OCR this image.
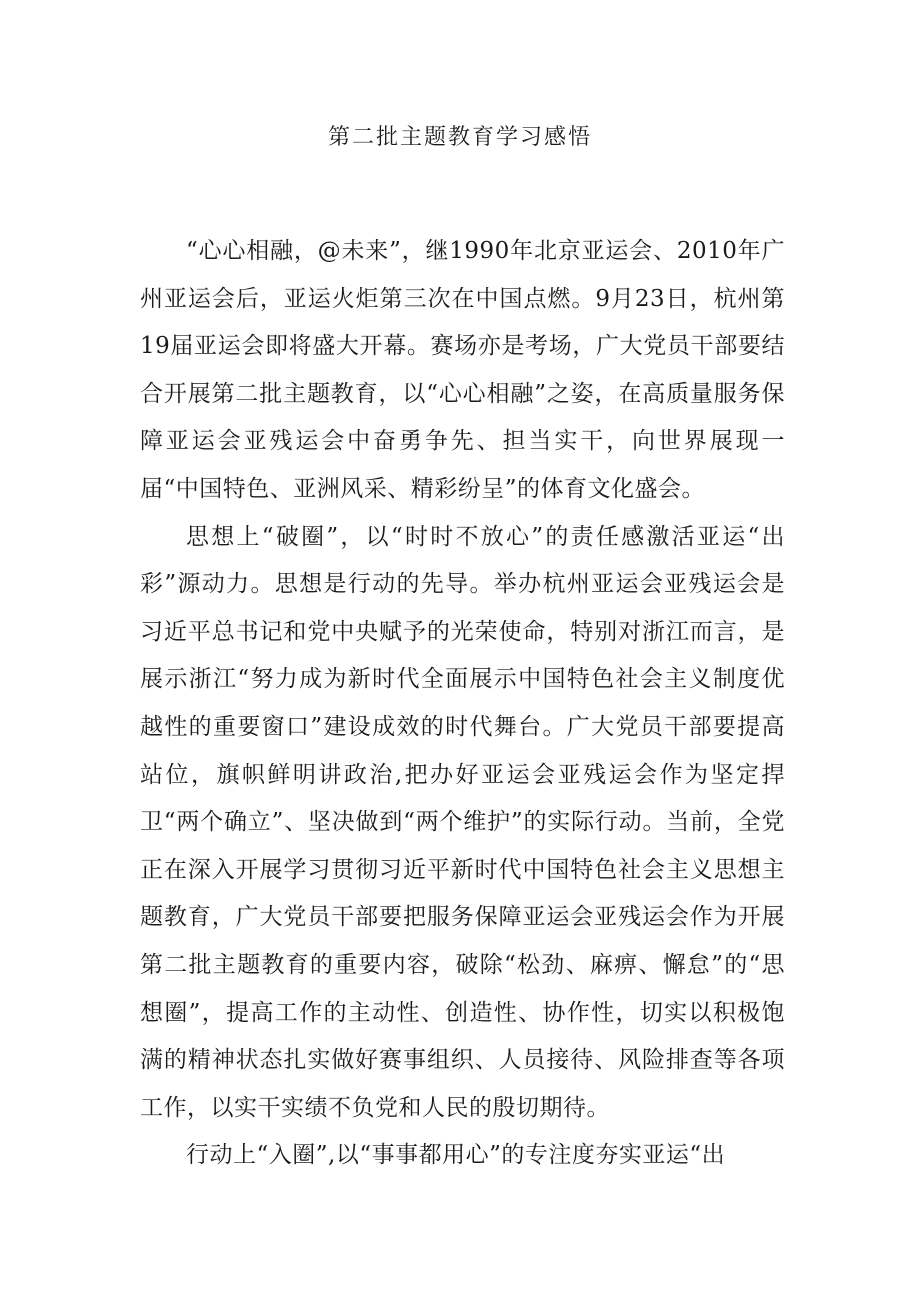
第二批主题教育学习感悟

“心心相融，@未来”，继1990年北京亚运会、2010年广州亚运会后，亚运火炬第三次在中国点燃。9月23日，杭州第19届亚运会即将盛大开幕。赛场亦是考场，广大党员干部要结合开展第二批主题教育，以“心心相融”之姿，在高质量服务保障亚运会亚残运会中奋勇争先、担当实干，向世界展现一届“中国特色、亚洲风采、精彩纷呈”的体育文化盛会。

思想上“破圈”，以“时时不放心”的责任感激活亚运“出彩”源动力。思想是行动的先导。举办杭州亚运会亚残运会是习近平总书记和党中央赋予的光荣使命，特别对浙江而言，是展示浙江“努力成为新时代全面展示中国特色社会主义制度优越性的重要窗口”建设成效的时代舞台。广大党员干部要提高站位，旗帜鲜明讲政治,把办好亚运会亚残运会作为坚定捍卫“两个确立”、坚决做到“两个维护”的实际行动。当前，全党正在深入开展学习贯彻习近平新时代中国特色社会主义思想主题教育，广大党员干部要把服务保障亚运会亚残运会作为开展第二批主题教育的重要内容，破除“松劲、麻痹、懈怠”的“思想圈”，提高工作的主动性、创造性、协作性，切实以积极饱满的精神状态扎实做好赛事组织、人员接待、风险排查等各项工作，以实干实绩不负党和人民的殷切期待。

行动上“入圈”,以“事事都用心”的专注度夯实亚运“出
